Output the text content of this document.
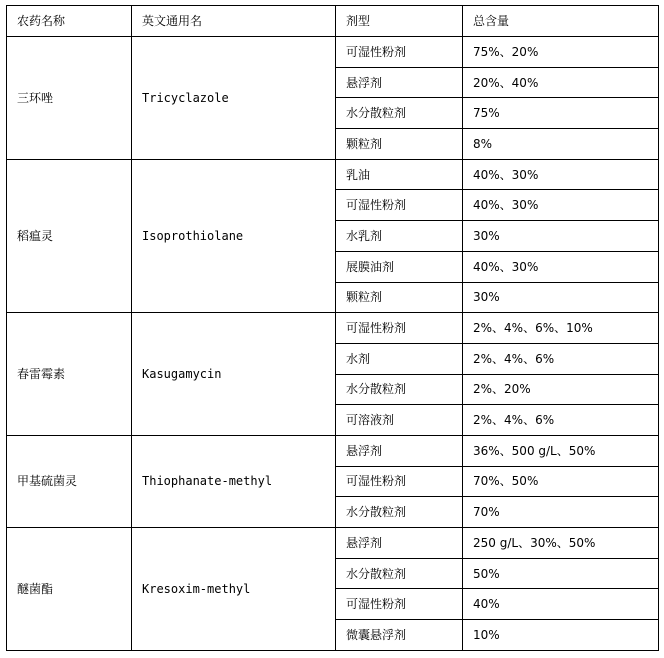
农药名称	英文通用名	剂型	总含量
三环唑	Tricyclazole	可湿性粉剂	75%、20%
		悬浮剂	20%、40%
		水分散粒剂	75%
		颗粒剂	8%
稻瘟灵	Isoprothiolane	乳油	40%、30%
		可湿性粉剂	40%、30%
		水乳剂	30%
		展膜油剂	40%、30%
		颗粒剂	30%
春雷霉素	Kasugamycin	可湿性粉剂	2%、4%、6%、10%
		水剂	2%、4%、6%
		水分散粒剂	2%、20%
		可溶液剂	2%、4%、6%
甲基硫菌灵	Thiophanate-methyl	悬浮剂	36%、500 g/L、50%
		可湿性粉剂	70%、50%
		水分散粒剂	70%
醚菌酯	Kresoxim-methyl	悬浮剂	250 g/L、30%、50%
		水分散粒剂	50%
		可湿性粉剂	40%
		微囊悬浮剂	10%
